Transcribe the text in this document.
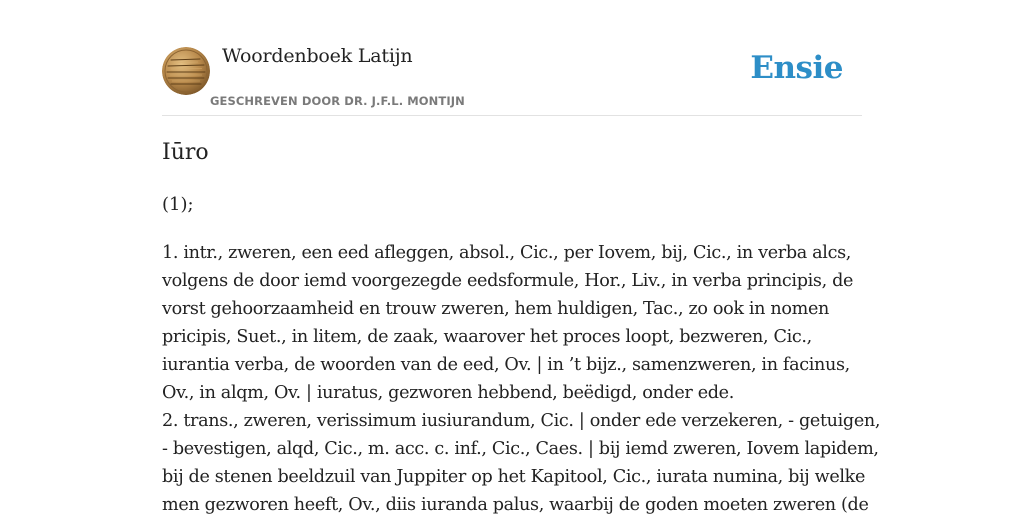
Woordenboek Latijn
GESCHREVEN DOOR DR. J.F.L. MONTIJN
Ensie
Iūro
(1);
1. intr., zweren, een eed afleggen, absol., Cic., per Iovem, bij, Cic., in verba alcs,
volgens de door iemd voorgezegde eedsformule, Hor., Liv., in verba principis, de
vorst gehoorzaamheid en trouw zweren, hem huldigen, Tac., zo ook in nomen
pricipis, Suet., in litem, de zaak, waarover het proces loopt, bezweren, Cic.,
iurantia verba, de woorden van de eed, Ov. | in ’t bijz., samenzweren, in facinus,
Ov., in alqm, Ov. | iuratus, gezworen hebbend, beëdigd, onder ede.
2. trans., zweren, verissimum iusiurandum, Cic. | onder ede verzekeren, - getuigen,
- bevestigen, alqd, Cic., m. acc. c. inf., Cic., Caes. | bij iemd zweren, Iovem lapidem,
bij de stenen beeldzuil van Juppiter op het Kapitool, Cic., iurata numina, bij welke
men gezworen heeft, Ov., diis iuranda palus, waarbij de goden moeten zweren (de
